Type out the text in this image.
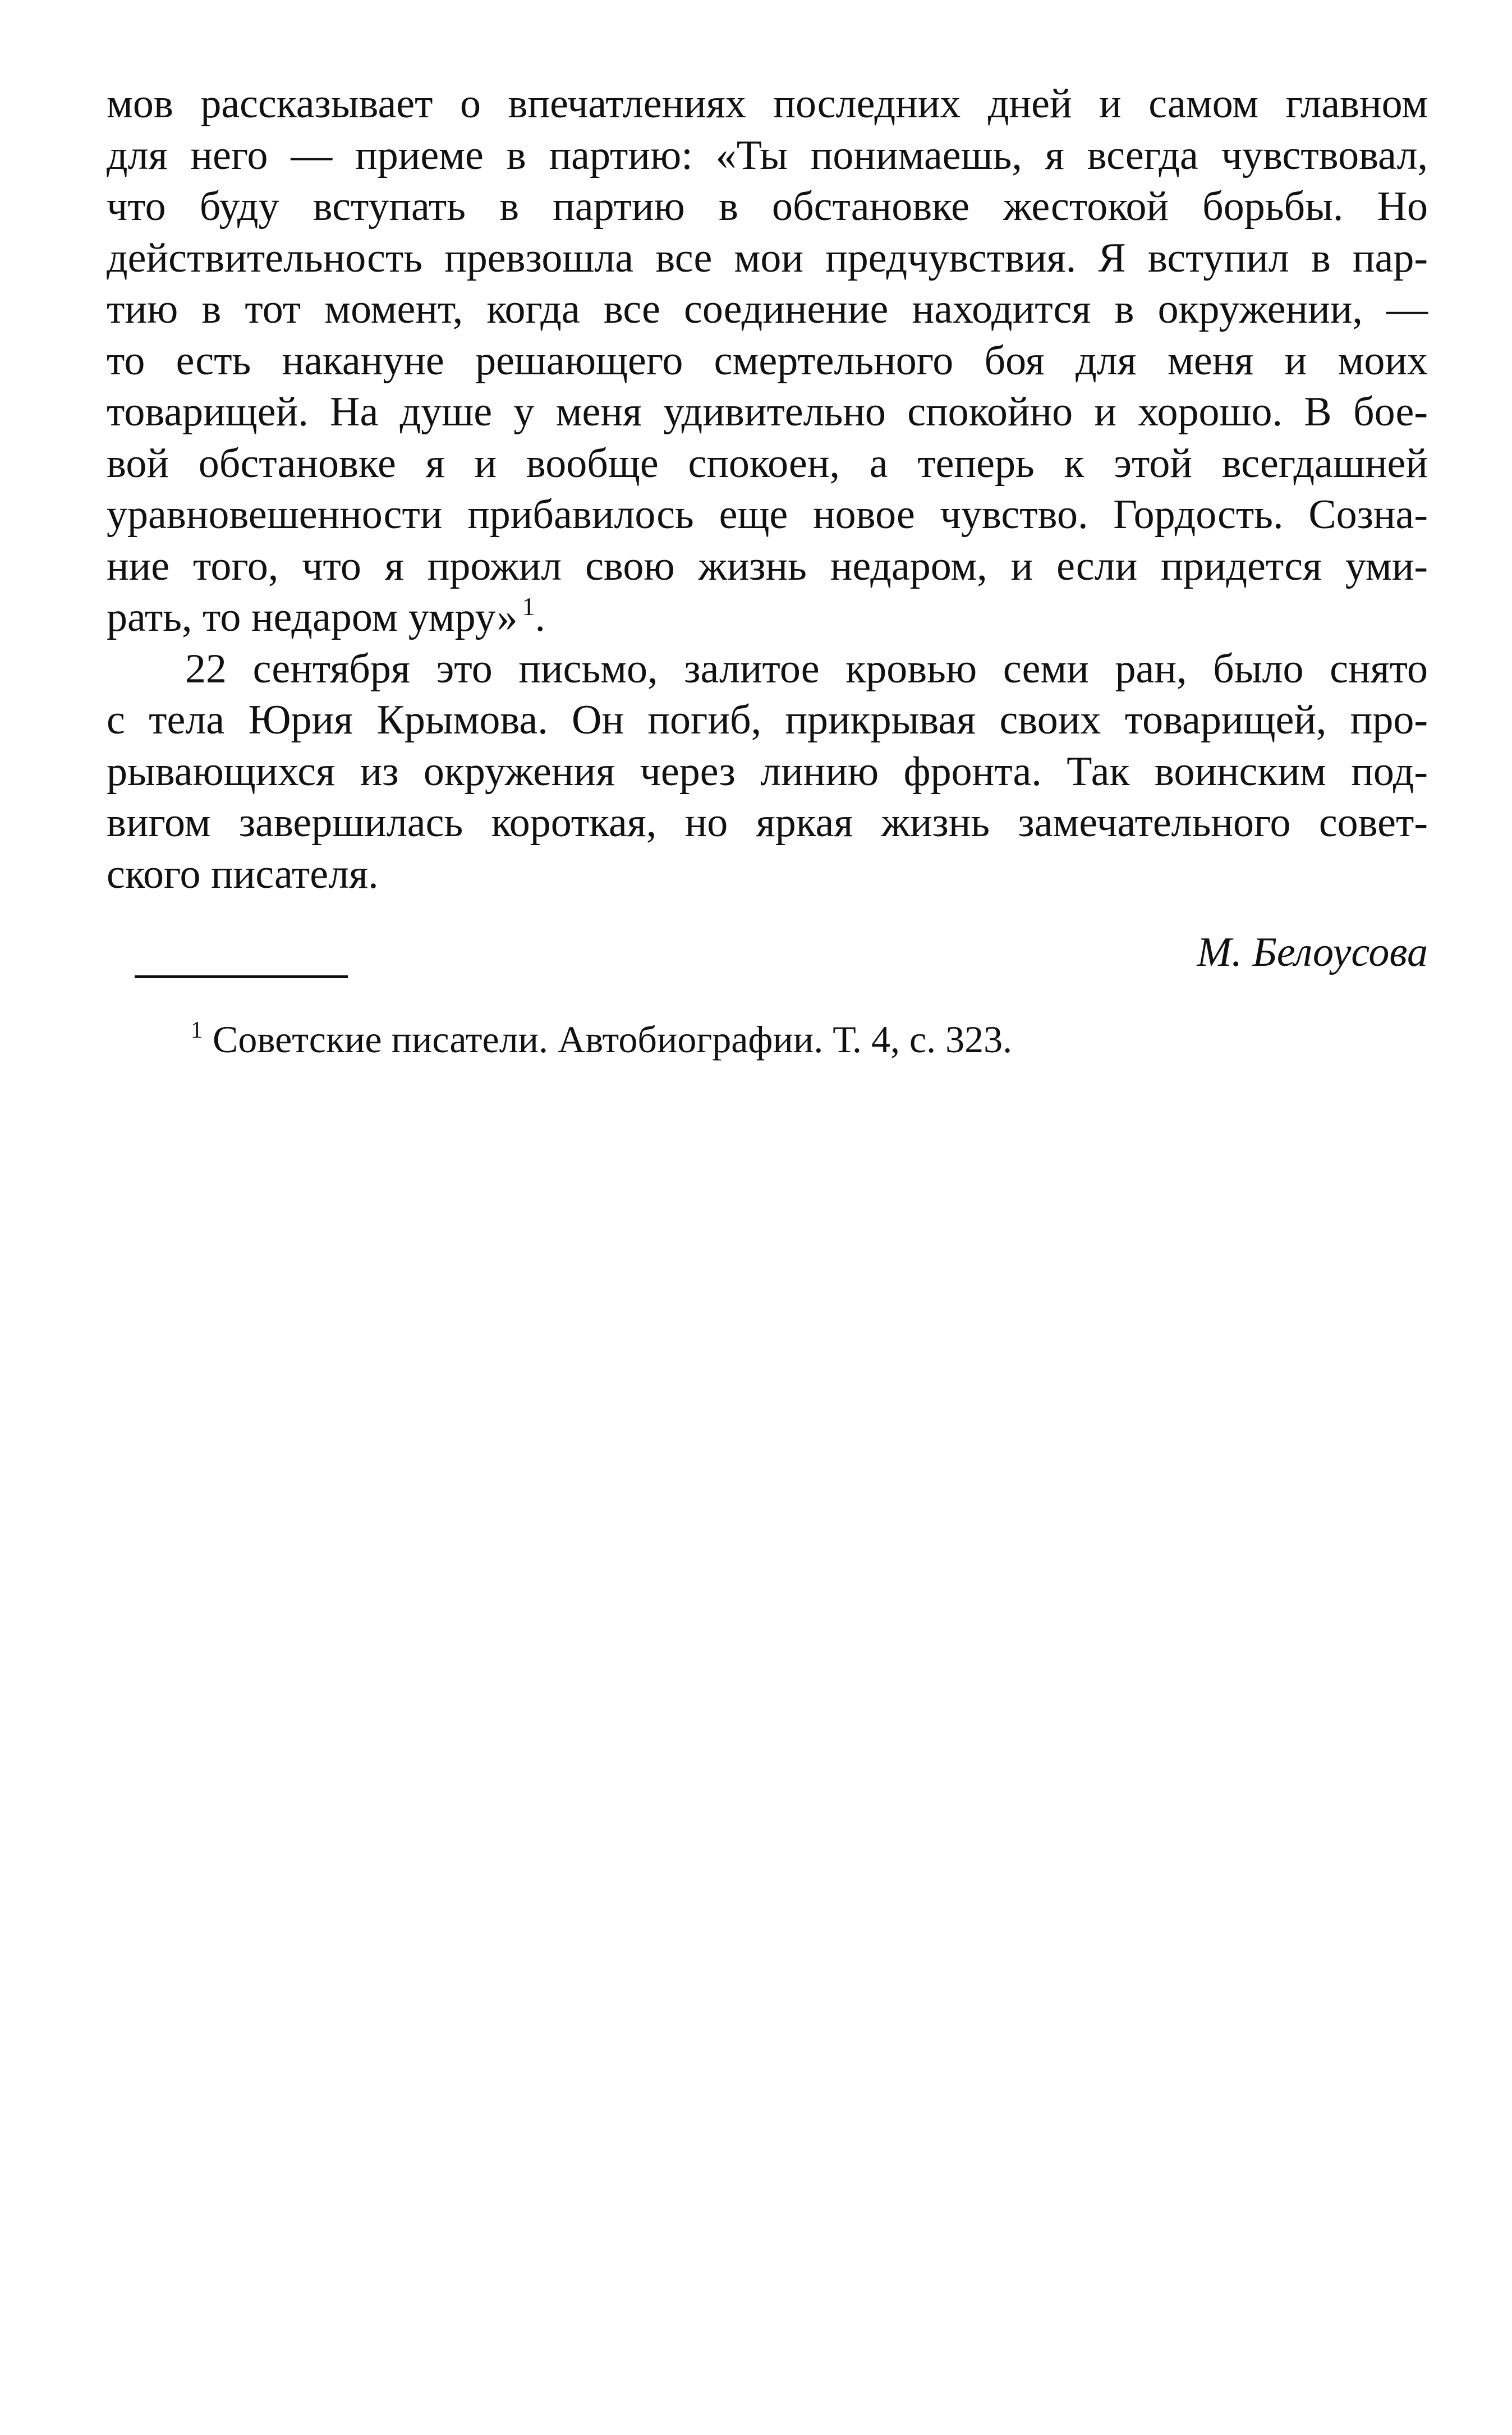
мов рассказывает о впечатлениях последних дней и самом главном
для него — приеме в партию: «Ты понимаешь, я всегда чувствовал,
что буду вступать в партию в обстановке жестокой борьбы. Но
действительность превзошла все мои предчувствия. Я вступил в пар-
тию в тот момент, когда все соединение находится в окружении, —
то есть накануне решающего смертельного боя для меня и моих
товарищей. На душе у меня удивительно спокойно и хорошо. В бое-
вой обстановке я и вообще спокоен, а теперь к этой всегдашней
уравновешенности прибавилось еще новое чувство. Гордость. Созна-
ние того, что я прожил свою жизнь недаром, и если придется уми-
рать, то недаром умру» $^1$.

22 сентября это письмо, залитое кровью семи ран, было снято
с тела Юрия Крымова. Он погиб, прикрывая своих товарищей, про-
рывающихся из окружения через линию фронта. Так воинским под-
вигом завершилась короткая, но яркая жизнь замечательного совет-
ского писателя.

М. Белоусова
$^1$ Советские писатели. Автобиографии. Т. 4, с. 323.
